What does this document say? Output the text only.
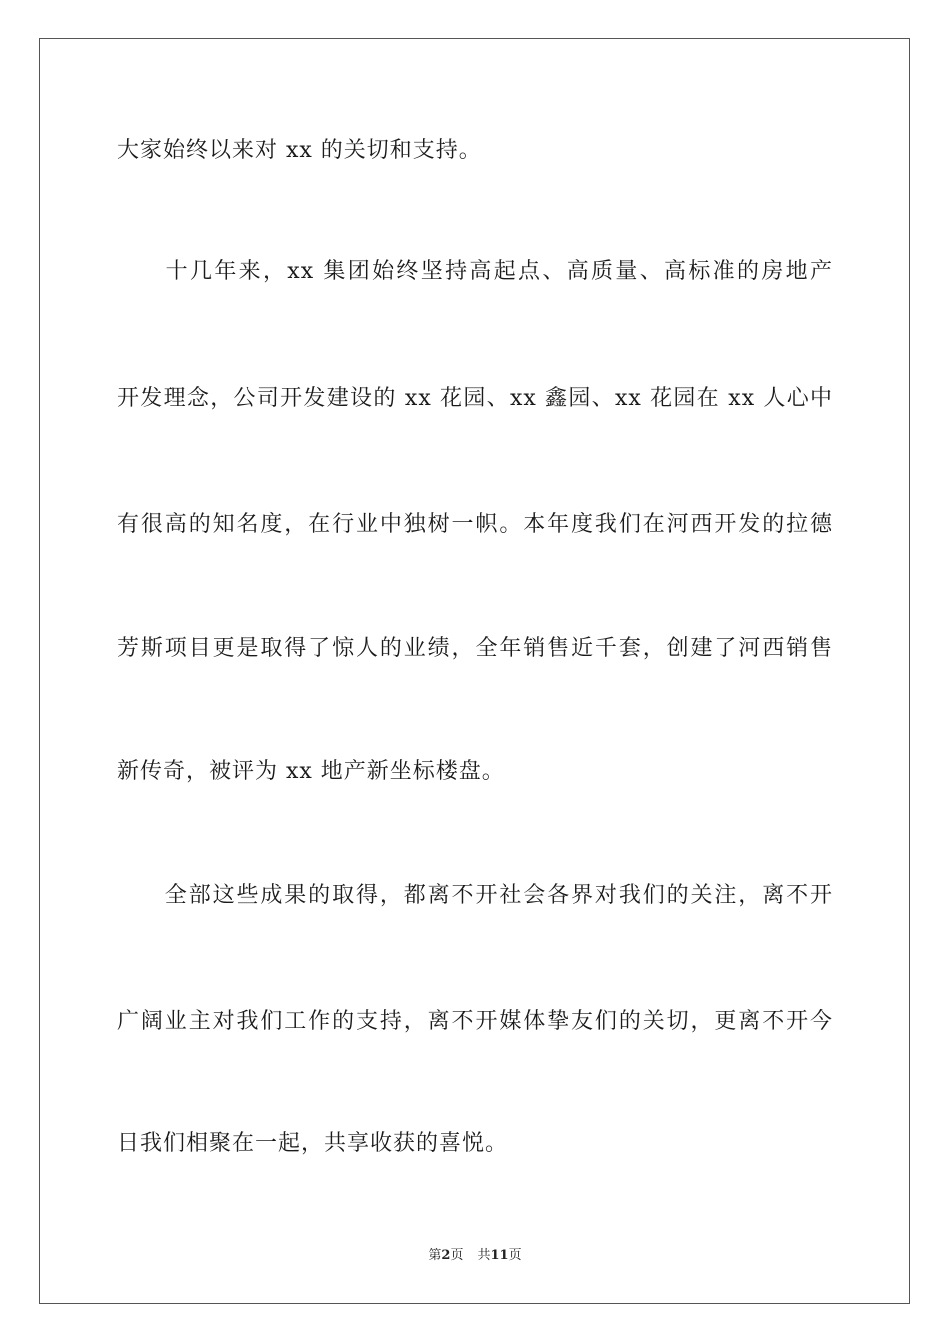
大家始终以来对 xx 的关切和支持。
　　十几年来，xx 集团始终坚持高起点、高质量、高标准的房地产
开发理念，公司开发建设的 xx 花园、xx 鑫园、xx 花园在 xx 人心中
有很高的知名度，在行业中独树一帜。本年度我们在河西开发的拉德
芳斯项目更是取得了惊人的业绩，全年销售近千套，创建了河西销售
新传奇，被评为 xx 地产新坐标楼盘。
　　全部这些成果的取得，都离不开社会各界对我们的关注，离不开
广阔业主对我们工作的支持，离不开媒体挚友们的关切，更离不开今
日我们相聚在一起，共享收获的喜悦。
第2页 共11页
